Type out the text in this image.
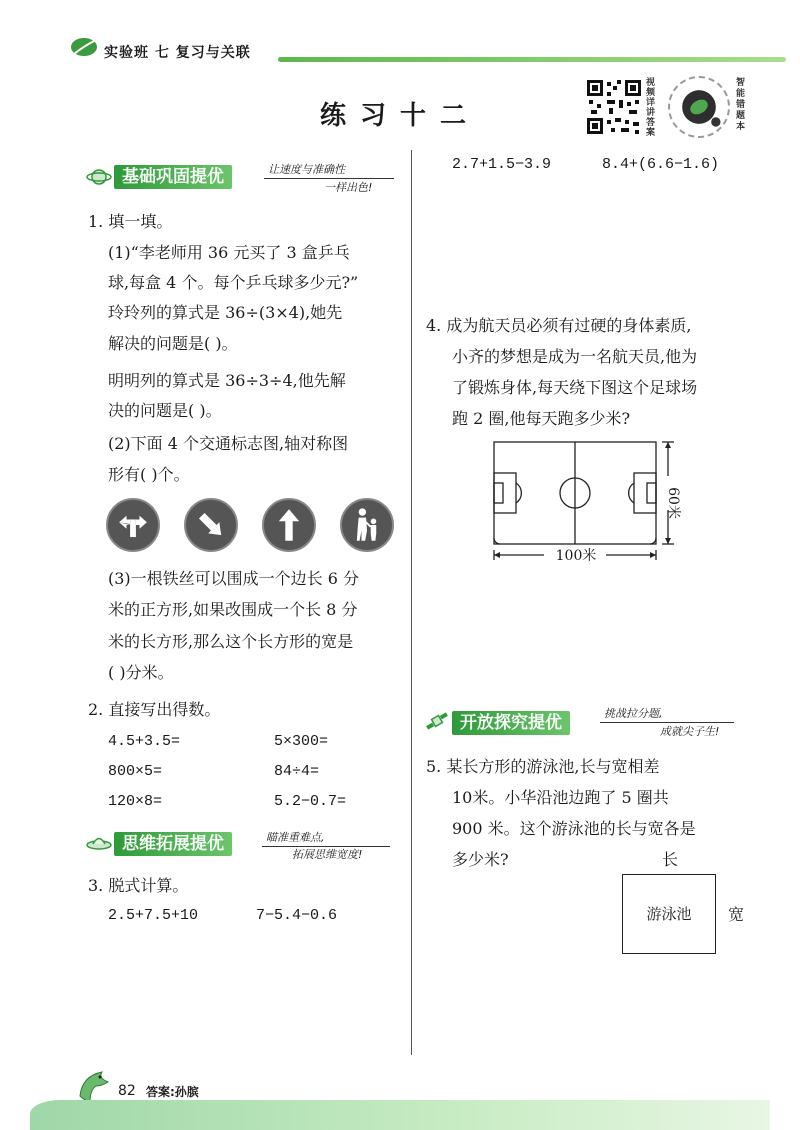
实验班 七 复习与关联
练习十二
视频详讲答案
智能错题本
基础巩固提优	让速度与准确性
一样出色!
1. 填一填。
(1)“李老师用 36 元买了 3 盒乒乓
球,每盒 4 个。每个乒乓球多少元?”
玲玲列的算式是 36÷(3×4),她先
解决的问题是( )。
明明列的算式是 36÷3÷4,他先解
决的问题是( )。
(2)下面 4 个交通标志图,轴对称图
形有( )个。
(3)一根铁丝可以围成一个边长 6 分
米的正方形,如果改围成一个长 8 分
米的长方形,那么这个长方形的宽是
( )分米。
2. 直接写出得数。
4.5+3.5=	5×300=
800×5=	84÷4=
120×8=	5.2−0.7=
思维拓展提优	瞄准重难点,
拓展思维宽度!
3. 脱式计算。
2.5+7.5+10	7−5.4−0.6
2.7+1.5−3.9	8.4+(6.6−1.6)
4. 成为航天员必须有过硬的身体素质,
小齐的梦想是成为一名航天员,他为
了锻炼身体,每天绕下图这个足球场
跑 2 圈,他每天跑多少米?
100米
60米
开放探究提优	挑战拉分题,
成就尖子生!
5. 某长方形的游泳池,长与宽相差
10米。小华沿池边跑了 5 圈共
900 米。这个游泳池的长与宽各是
多少米?	长
游泳池	宽
82 答案:孙膑
